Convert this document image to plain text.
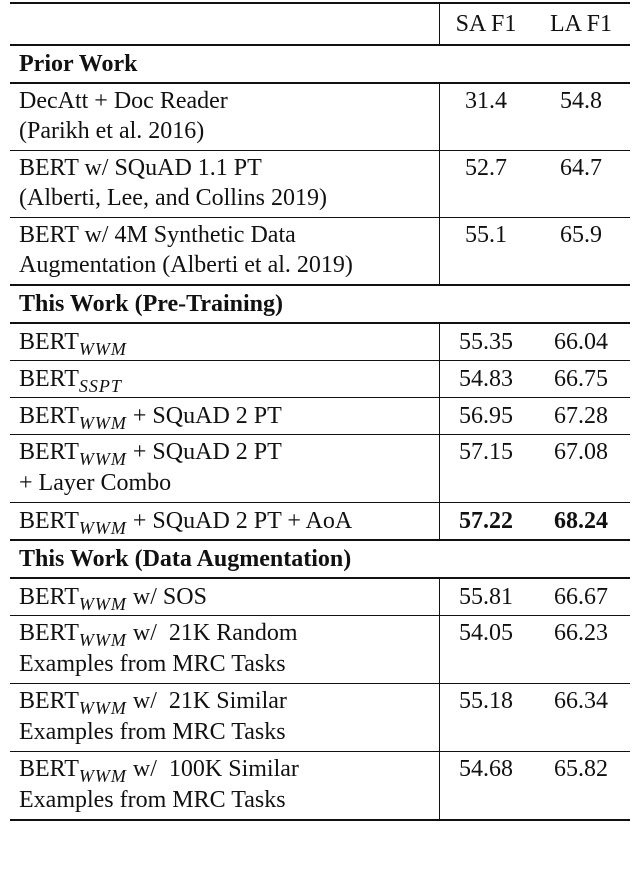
	SA F1	LA F1
Prior Work		
DecAtt + Doc Reader
(Parikh et al. 2016)	31.4	54.8
BERT w/ SQuAD 1.1 PT
(Alberti, Lee, and Collins 2019)	52.7	64.7
BERT w/ 4M Synthetic Data
Augmentation (Alberti et al. 2019)	55.1	65.9
This Work (Pre-Training)		
$BERT_{WWM}$	55.35	66.04
$BERT_{SSPT}$	54.83	66.75
$BERT_{WWM}$ + SQuAD 2 PT	56.95	67.28
$BERT_{WWM}$ + SQuAD 2 PT
+ Layer Combo	57.15	67.08
$BERT_{WWM}$ + SQuAD 2 PT + AoA	57.22	68.24
This Work (Data Augmentation)		
$BERT_{WWM}$ w/ SOS	55.81	66.67
$BERT_{WWM}$ w/  21K Random
Examples from MRC Tasks	54.05	66.23
$BERT_{WWM}$ w/  21K Similar
Examples from MRC Tasks	55.18	66.34
$BERT_{WWM}$ w/  100K Similar
Examples from MRC Tasks	54.68	65.82
